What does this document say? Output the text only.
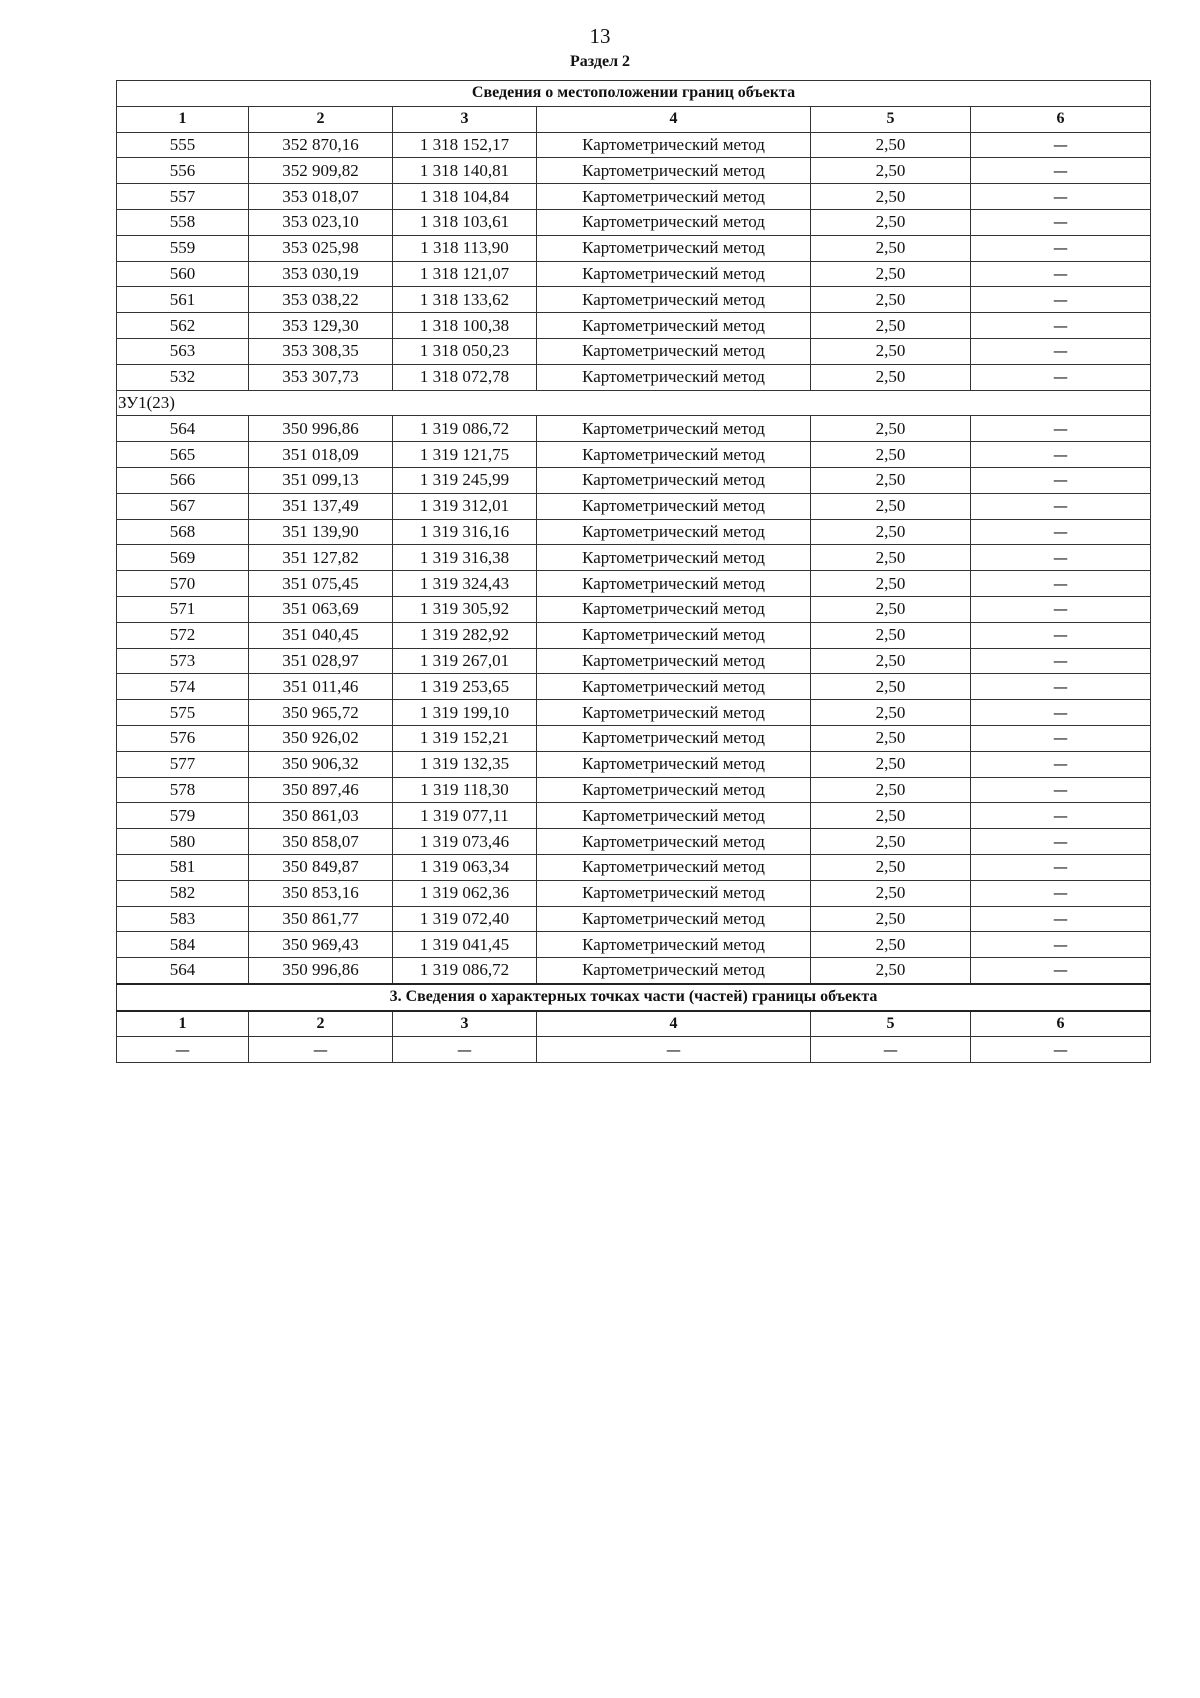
13
Раздел 2
Сведения о местоположении границ объекта					
1	2	3	4	5	6
555	352 870,16	1 318 152,17	Картометрический метод	2,50	—
556	352 909,82	1 318 140,81	Картометрический метод	2,50	—
557	353 018,07	1 318 104,84	Картометрический метод	2,50	—
558	353 023,10	1 318 103,61	Картометрический метод	2,50	—
559	353 025,98	1 318 113,90	Картометрический метод	2,50	—
560	353 030,19	1 318 121,07	Картометрический метод	2,50	—
561	353 038,22	1 318 133,62	Картометрический метод	2,50	—
562	353 129,30	1 318 100,38	Картометрический метод	2,50	—
563	353 308,35	1 318 050,23	Картометрический метод	2,50	—
532	353 307,73	1 318 072,78	Картометрический метод	2,50	—
ЗУ1(23)					
564	350 996,86	1 319 086,72	Картометрический метод	2,50	—
565	351 018,09	1 319 121,75	Картометрический метод	2,50	—
566	351 099,13	1 319 245,99	Картометрический метод	2,50	—
567	351 137,49	1 319 312,01	Картометрический метод	2,50	—
568	351 139,90	1 319 316,16	Картометрический метод	2,50	—
569	351 127,82	1 319 316,38	Картометрический метод	2,50	—
570	351 075,45	1 319 324,43	Картометрический метод	2,50	—
571	351 063,69	1 319 305,92	Картометрический метод	2,50	—
572	351 040,45	1 319 282,92	Картометрический метод	2,50	—
573	351 028,97	1 319 267,01	Картометрический метод	2,50	—
574	351 011,46	1 319 253,65	Картометрический метод	2,50	—
575	350 965,72	1 319 199,10	Картометрический метод	2,50	—
576	350 926,02	1 319 152,21	Картометрический метод	2,50	—
577	350 906,32	1 319 132,35	Картометрический метод	2,50	—
578	350 897,46	1 319 118,30	Картометрический метод	2,50	—
579	350 861,03	1 319 077,11	Картометрический метод	2,50	—
580	350 858,07	1 319 073,46	Картометрический метод	2,50	—
581	350 849,87	1 319 063,34	Картометрический метод	2,50	—
582	350 853,16	1 319 062,36	Картометрический метод	2,50	—
583	350 861,77	1 319 072,40	Картометрический метод	2,50	—
584	350 969,43	1 319 041,45	Картометрический метод	2,50	—
564	350 996,86	1 319 086,72	Картометрический метод	2,50	—
3. Сведения о характерных точках части (частей) границы объекта					
1	2	3	4	5	6
—	—	—	—	—	—
